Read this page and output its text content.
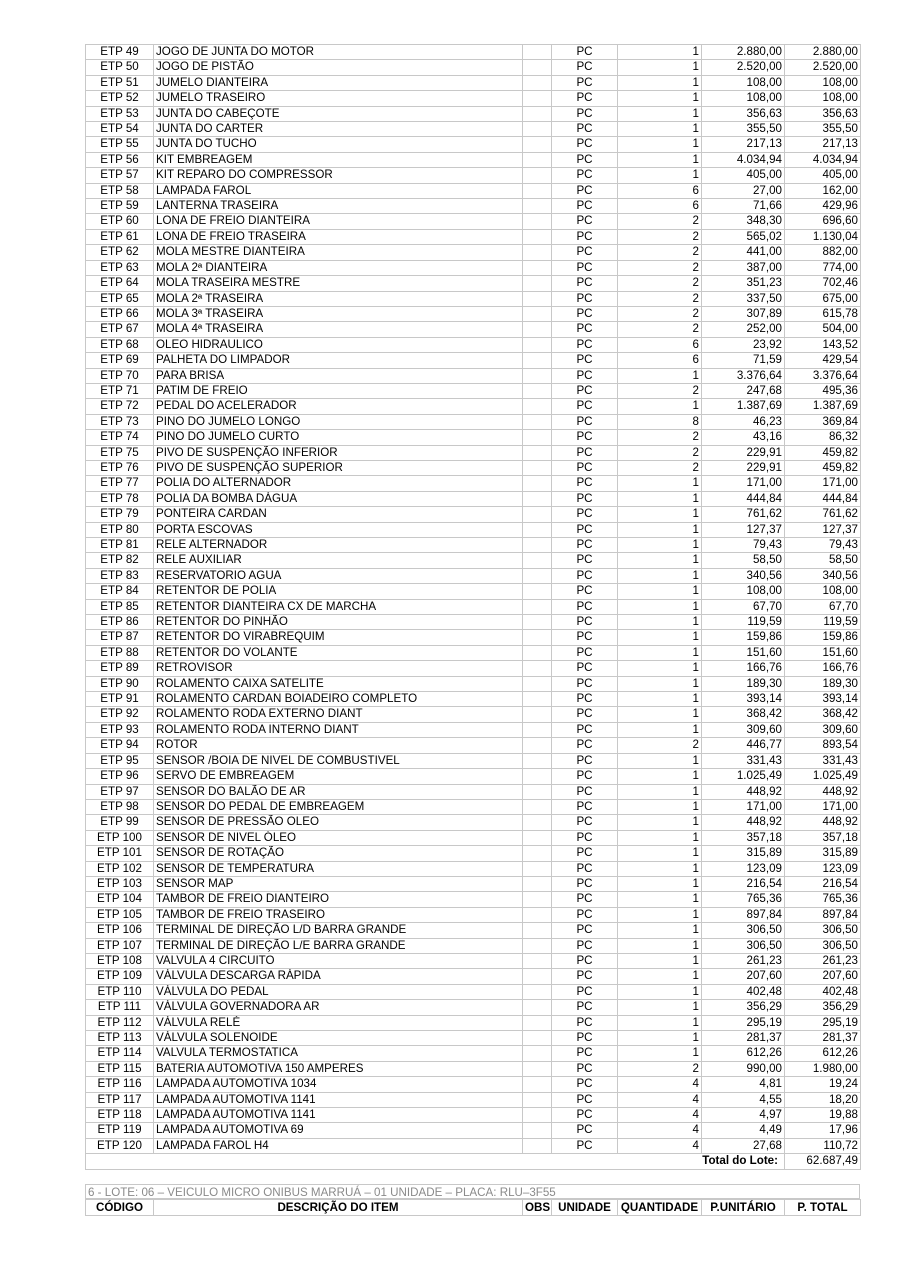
ETP 49	JOGO DE JUNTA DO MOTOR		PC	1	2.880,00	2.880,00
ETP 50	JOGO DE PISTÃO		PC	1	2.520,00	2.520,00
ETP 51	JUMELO DIANTEIRA		PC	1	108,00	108,00
ETP 52	JUMELO TRASEIRO		PC	1	108,00	108,00
ETP 53	JUNTA DO CABEÇOTE		PC	1	356,63	356,63
ETP 54	JUNTA DO CARTER		PC	1	355,50	355,50
ETP 55	JUNTA DO TUCHO		PC	1	217,13	217,13
ETP 56	KIT EMBREAGEM		PC	1	4.034,94	4.034,94
ETP 57	KIT REPARO DO COMPRESSOR		PC	1	405,00	405,00
ETP 58	LAMPADA FAROL		PC	6	27,00	162,00
ETP 59	LANTERNA TRASEIRA		PC	6	71,66	429,96
ETP 60	LONA DE FREIO DIANTEIRA		PC	2	348,30	696,60
ETP 61	LONA DE FREIO TRASEIRA		PC	2	565,02	1.130,04
ETP 62	MOLA MESTRE DIANTEIRA		PC	2	441,00	882,00
ETP 63	MOLA 2ª DIANTEIRA		PC	2	387,00	774,00
ETP 64	MOLA TRASEIRA MESTRE		PC	2	351,23	702,46
ETP 65	MOLA 2ª TRASEIRA		PC	2	337,50	675,00
ETP 66	MOLA 3ª TRASEIRA		PC	2	307,89	615,78
ETP 67	MOLA 4ª TRASEIRA		PC	2	252,00	504,00
ETP 68	OLEO HIDRAULICO		PC	6	23,92	143,52
ETP 69	PALHETA DO LIMPADOR		PC	6	71,59	429,54
ETP 70	PARA BRISA		PC	1	3.376,64	3.376,64
ETP 71	PATIM DE FREIO		PC	2	247,68	495,36
ETP 72	PEDAL DO ACELERADOR		PC	1	1.387,69	1.387,69
ETP 73	PINO DO JUMELO LONGO		PC	8	46,23	369,84
ETP 74	PINO DO JUMELO CURTO		PC	2	43,16	86,32
ETP 75	PIVO DE SUSPENÇÃO INFERIOR		PC	2	229,91	459,82
ETP 76	PIVO DE SUSPENÇÃO SUPERIOR		PC	2	229,91	459,82
ETP 77	POLIA DO ALTERNADOR		PC	1	171,00	171,00
ETP 78	POLIA DA BOMBA DÁGUA		PC	1	444,84	444,84
ETP 79	PONTEIRA CARDAN		PC	1	761,62	761,62
ETP 80	PORTA ESCOVAS		PC	1	127,37	127,37
ETP 81	RELE ALTERNADOR		PC	1	79,43	79,43
ETP 82	RELE AUXILIAR		PC	1	58,50	58,50
ETP 83	RESERVATORIO AGUA		PC	1	340,56	340,56
ETP 84	RETENTOR DE POLIA		PC	1	108,00	108,00
ETP 85	RETENTOR DIANTEIRA CX DE MARCHA		PC	1	67,70	67,70
ETP 86	RETENTOR DO PINHÃO		PC	1	119,59	119,59
ETP 87	RETENTOR DO VIRABREQUIM		PC	1	159,86	159,86
ETP 88	RETENTOR DO VOLANTE		PC	1	151,60	151,60
ETP 89	RETROVISOR		PC	1	166,76	166,76
ETP 90	ROLAMENTO CAIXA SATELITE		PC	1	189,30	189,30
ETP 91	ROLAMENTO CARDAN BOIADEIRO COMPLETO		PC	1	393,14	393,14
ETP 92	ROLAMENTO RODA EXTERNO DIANT		PC	1	368,42	368,42
ETP 93	ROLAMENTO RODA INTERNO DIANT		PC	1	309,60	309,60
ETP 94	ROTOR		PC	2	446,77	893,54
ETP 95	SENSOR /BOIA DE NIVEL DE COMBUSTIVEL		PC	1	331,43	331,43
ETP 96	SERVO DE EMBREAGEM		PC	1	1.025,49	1.025,49
ETP 97	SENSOR DO BALÃO DE AR		PC	1	448,92	448,92
ETP 98	SENSOR DO PEDAL DE EMBREAGEM		PC	1	171,00	171,00
ETP 99	SENSOR DE PRESSÃO OLEO		PC	1	448,92	448,92
ETP 100	SENSOR DE NIVEL ÓLEO		PC	1	357,18	357,18
ETP 101	SENSOR DE ROTAÇÃO		PC	1	315,89	315,89
ETP 102	SENSOR DE TEMPERATURA		PC	1	123,09	123,09
ETP 103	SENSOR MAP		PC	1	216,54	216,54
ETP 104	TAMBOR DE FREIO DIANTEIRO		PC	1	765,36	765,36
ETP 105	TAMBOR DE FREIO TRASEIRO		PC	1	897,84	897,84
ETP 106	TERMINAL DE DIREÇÃO L/D BARRA GRANDE		PC	1	306,50	306,50
ETP 107	TERMINAL DE DIREÇÃO L/E BARRA GRANDE		PC	1	306,50	306,50
ETP 108	VALVULA 4 CIRCUITO		PC	1	261,23	261,23
ETP 109	VÁLVULA DESCARGA RÁPIDA		PC	1	207,60	207,60
ETP 110	VÁLVULA DO PEDAL		PC	1	402,48	402,48
ETP 111	VÁLVULA GOVERNADORA AR		PC	1	356,29	356,29
ETP 112	VÁLVULA RELÉ		PC	1	295,19	295,19
ETP 113	VÁLVULA SOLENOIDE		PC	1	281,37	281,37
ETP 114	VALVULA TERMOSTATICA		PC	1	612,26	612,26
ETP 115	BATERIA AUTOMOTIVA 150 AMPERES		PC	2	990,00	1.980,00
ETP 116	LAMPADA AUTOMOTIVA 1034		PC	4	4,81	19,24
ETP 117	LAMPADA AUTOMOTIVA 1141		PC	4	4,55	18,20
ETP 118	LAMPADA AUTOMOTIVA 1141		PC	4	4,97	19,88
ETP 119	LAMPADA AUTOMOTIVA 69		PC	4	4,49	17,96
ETP 120	LAMPADA FAROL H4		PC	4	27,68	110,72
				Total do Lote:		62.687,49
6 - LOTE: 06 – VEICULO MICRO ONIBUS MARRUÁ – 01 UNIDADE – PLACA: RLU–3F55
CÓDIGO	DESCRIÇÃO DO ITEM	OBS	UNIDADE	QUANTIDADE	P.UNITÁRIO	P. TOTAL
